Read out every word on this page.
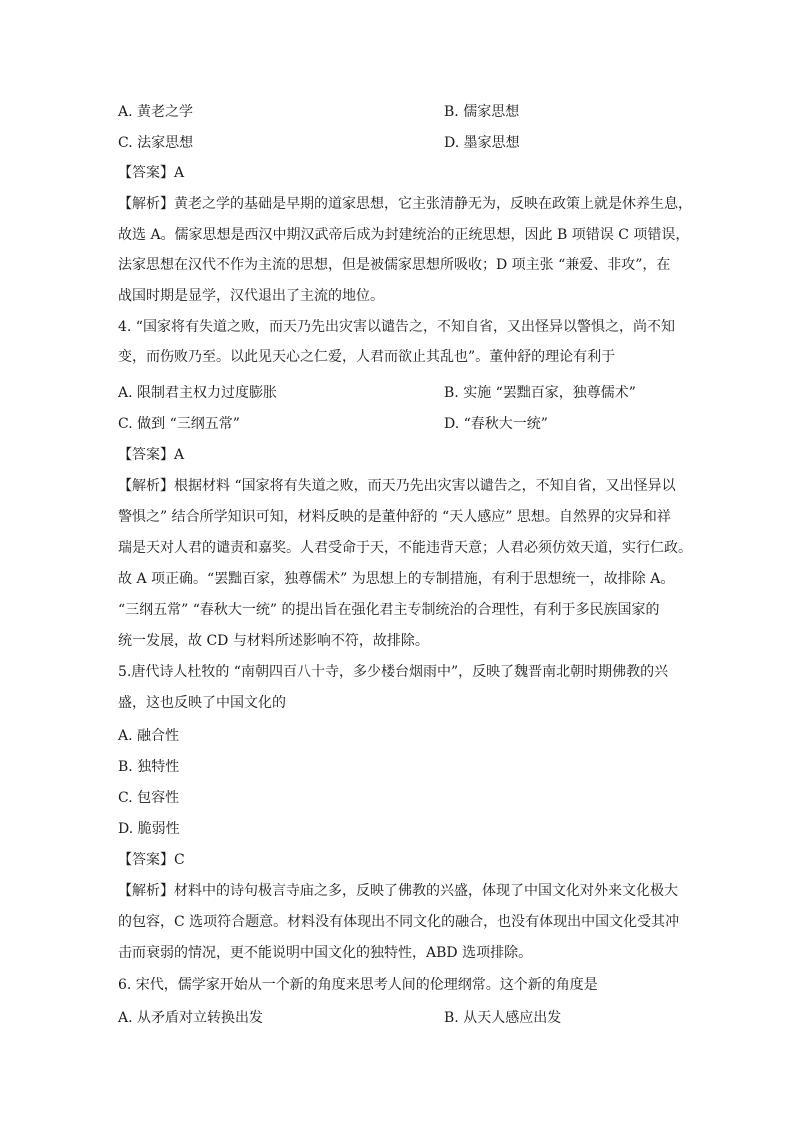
A. 黄老之学	B. 儒家思想
C. 法家思想	D. 墨家思想
【答案】A
【解析】黄老之学的基础是早期的道家思想，它主张清静无为，反映在政策上就是休养生息，
故选 A。儒家思想是西汉中期汉武帝后成为封建统治的正统思想，因此 B 项错误 C 项错误，
法家思想在汉代不作为主流的思想，但是被儒家思想所吸收；D 项主张 “兼爱、非攻”，在
战国时期是显学，汉代退出了主流的地位。
4. “国家将有失道之败，而天乃先出灾害以谴告之，不知自省，又出怪异以警惧之，尚不知
变，而伤败乃至。以此见天心之仁爱，人君而欲止其乱也”。董仲舒的理论有利于
A. 限制君主权力过度膨胀	B. 实施 “罢黜百家，独尊儒术”
C. 做到 “三纲五常”	D. “春秋大一统”
【答案】A
【解析】根据材料 “国家将有失道之败，而天乃先出灾害以谴告之，不知自省，又出怪异以
警惧之” 结合所学知识可知，材料反映的是董仲舒的 “天人感应” 思想。自然界的灾异和祥
瑞是天对人君的谴责和嘉奖。人君受命于天，不能违背天意；人君必须仿效天道，实行仁政。
故 A 项正确。“罢黜百家，独尊儒术” 为思想上的专制措施，有利于思想统一，故排除 A。
“三纲五常” “春秋大一统” 的提出旨在强化君主专制统治的合理性，有利于多民族国家的
统一发展，故 CD 与材料所述影响不符，故排除。
5.唐代诗人杜牧的 “南朝四百八十寺，多少楼台烟雨中”，反映了魏晋南北朝时期佛教的兴
盛，这也反映了中国文化的
A. 融合性
B. 独特性
C. 包容性
D. 脆弱性
【答案】C
【解析】材料中的诗句极言寺庙之多，反映了佛教的兴盛，体现了中国文化对外来文化极大
的包容，C 选项符合题意。材料没有体现出不同文化的融合，也没有体现出中国文化受其冲
击而衰弱的情况，更不能说明中国文化的独特性，ABD 选项排除。
6. 宋代，儒学家开始从一个新的角度来思考人间的伦理纲常。这个新的角度是
A. 从矛盾对立转换出发	B. 从天人感应出发
